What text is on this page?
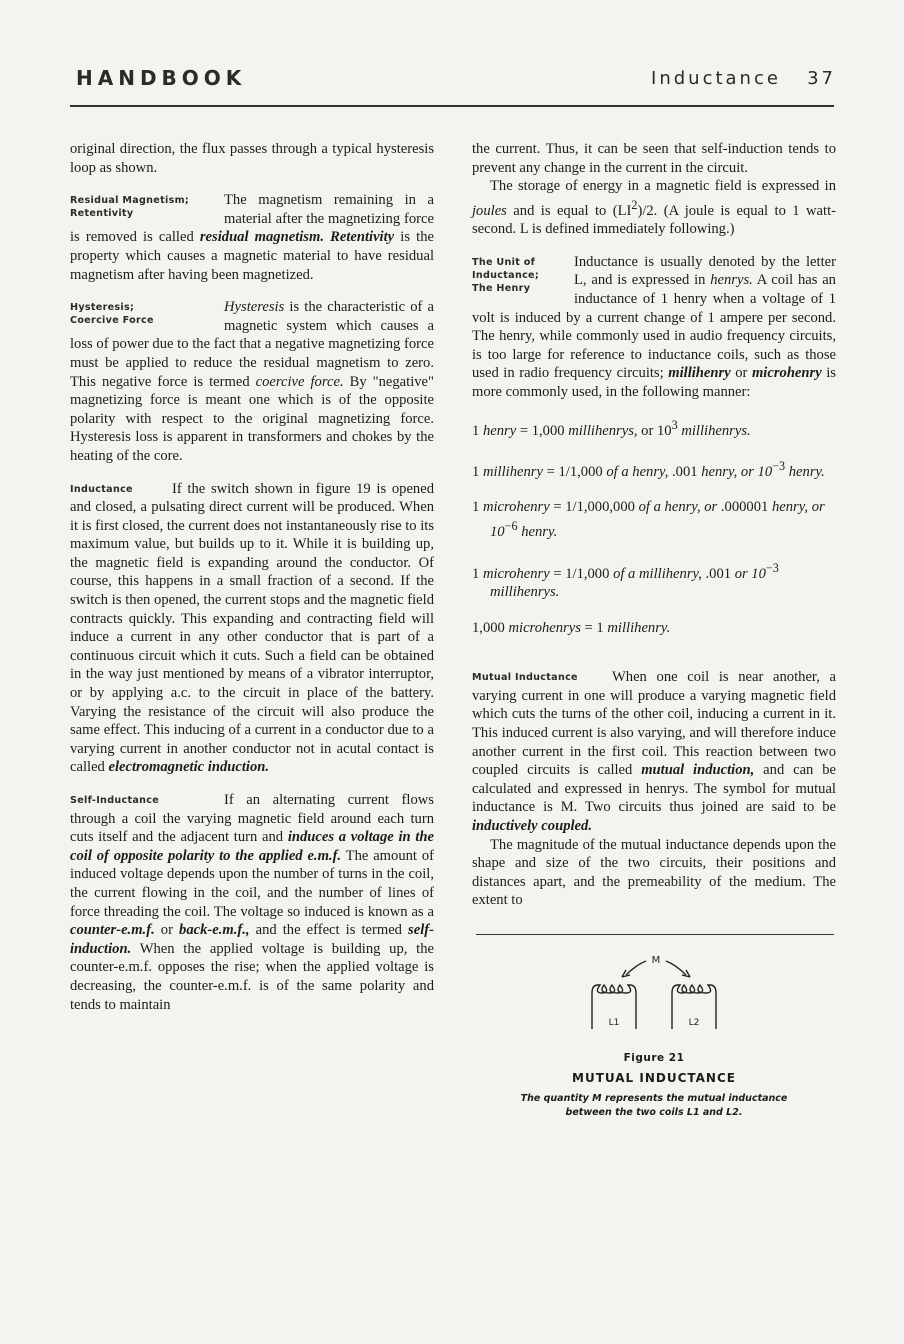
HANDBOOK	Inductance   37

original direction, the flux passes through a typical hysteresis loop as shown.

Residual Magnetism;
Retentivity

The magnetism remaining in a material after the magnetizing force is removed is called residual magnetism. Retentivity is the property which causes a magnetic material to have residual magnetism after having been magnetized.

Hysteresis;
Coercive Force

Hysteresis is the characteristic of a magnetic system which causes a loss of power due to the fact that a negative magnetizing force must be applied to reduce the residual magnetism to zero. This negative force is termed coercive force. By "negative" magnetizing force is meant one which is of the opposite polarity with respect to the original magnetizing force. Hysteresis loss is apparent in transformers and chokes by the heating of the core.

Inductance	If the switch shown in figure 19 is opened and closed, a pulsating direct current will be produced. When it is first closed, the current does not instantaneously rise to its maximum value, but builds up to it. While it is building up, the magnetic field is expanding around the conductor. Of course, this happens in a small fraction of a second. If the switch is then opened, the current stops and the magnetic field contracts quickly. This expanding and contracting field will induce a current in any other conductor that is part of a continuous circuit which it cuts. Such a field can be obtained in the way just mentioned by means of a vibrator interruptor, or by applying a.c. to the circuit in place of the battery. Varying the resistance of the circuit will also produce the same effect. This inducing of a current in a conductor due to a varying current in another conductor not in acutal contact is called electromagnetic induction.

Self-Inductance	If an alternating current flows through a coil the varying magnetic field around each turn cuts itself and the adjacent turn and induces a voltage in the coil of opposite polarity to the applied e.m.f. The amount of induced voltage depends upon the number of turns in the coil, the current flowing in the coil, and the number of lines of force threading the coil. The voltage so induced is known as a counter-e.m.f. or back-e.m.f., and the effect is termed self-induction. When the applied voltage is building up, the counter-e.m.f. opposes the rise; when the applied voltage is decreasing, the counter-e.m.f. is of the same polarity and tends to maintain

the current. Thus, it can be seen that self-induction tends to prevent any change in the current in the circuit.

The storage of energy in a magnetic field is expressed in joules and is equal to $(LI^2)/2$. (A joule is equal to 1 watt-second. L is defined immediately following.)

The Unit of
Inductance;
The Henry

Inductance is usually denoted by the letter L, and is expressed in henrys. A coil has an inductance of 1 henry when a voltage of 1 volt is induced by a current change of 1 ampere per second. The henry, while commonly used in audio frequency circuits, is too large for reference to inductance coils, such as those used in radio frequency circuits; millihenry or microhenry is more commonly used, in the following manner:

1 henry = 1,000 millihenrys, or $10^3$ millihenrys.

1 millihenry = 1/1,000 of a henry, .001 henry, or $10^{-3}$ henry.

1 microhenry = 1/1,000,000 of a henry, or .000001 henry, or $10^{-6}$ henry.

1 microhenry = 1/1,000 of a millihenry, .001 or $10^{-3}$ millihenrys.

1,000 microhenrys = 1 millihenry.

Mutual Inductance	When one coil is near another, a varying current in one will produce a varying magnetic field which cuts the turns of the other coil, inducing a current in it. This induced current is also varying, and will therefore induce another current in the first coil. This reaction between two coupled circuits is called mutual induction, and can be calculated and expressed in henrys. The symbol for mutual inductance is M. Two circuits thus joined are said to be inductively coupled.

The magnitude of the mutual inductance depends upon the shape and size of the two circuits, their positions and distances apart, and the premeability of the medium. The extent to

M
L1	L2
Figure 21
MUTUAL INDUCTANCE
The quantity M represents the mutual inductance
between the two coils L1 and L2.
